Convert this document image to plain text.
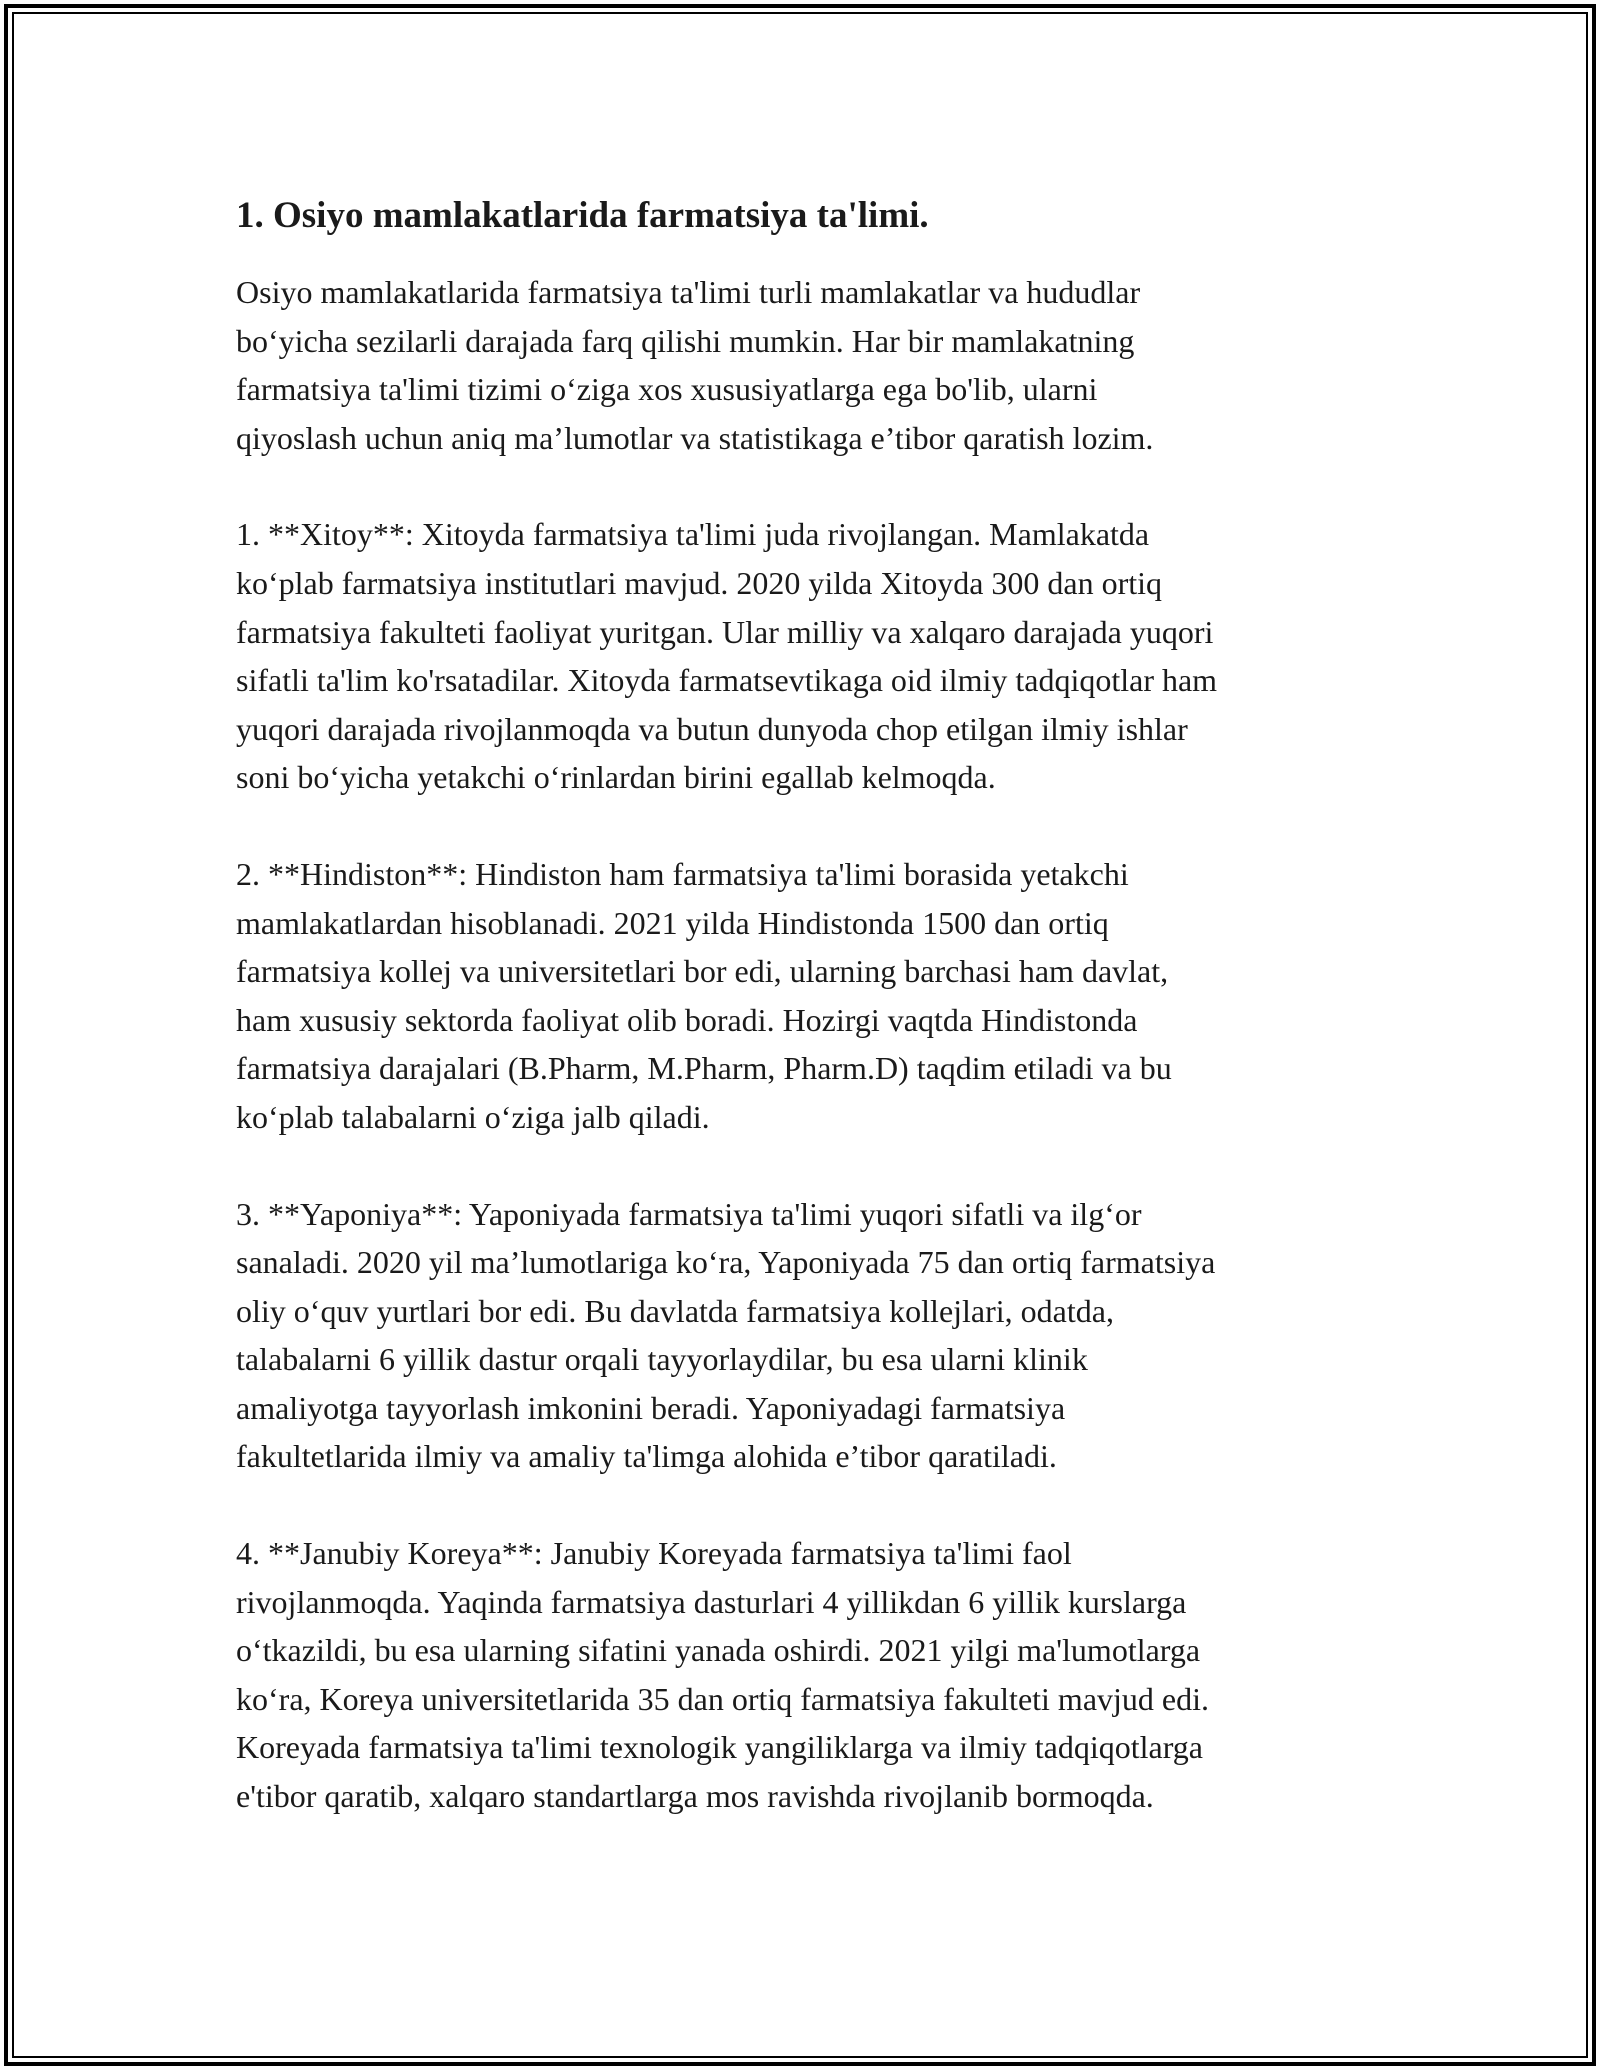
1. Osiyo mamlakatlarida farmatsiya ta'limi.

Osiyo mamlakatlarida farmatsiya ta'limi turli mamlakatlar va hududlar
bo‘yicha sezilarli darajada farq qilishi mumkin. Har bir mamlakatning
farmatsiya ta'limi tizimi o‘ziga xos xususiyatlarga ega bo'lib, ularni
qiyoslash uchun aniq ma’lumotlar va statistikaga e’tibor qaratish lozim.

1. **Xitoy**: Xitoyda farmatsiya ta'limi juda rivojlangan. Mamlakatda
ko‘plab farmatsiya institutlari mavjud. 2020 yilda Xitoyda 300 dan ortiq
farmatsiya fakulteti faoliyat yuritgan. Ular milliy va xalqaro darajada yuqori
sifatli ta'lim ko'rsatadilar. Xitoyda farmatsevtikaga oid ilmiy tadqiqotlar ham
yuqori darajada rivojlanmoqda va butun dunyoda chop etilgan ilmiy ishlar
soni bo‘yicha yetakchi o‘rinlardan birini egallab kelmoqda.

2. **Hindiston**: Hindiston ham farmatsiya ta'limi borasida yetakchi
mamlakatlardan hisoblanadi. 2021 yilda Hindistonda 1500 dan ortiq
farmatsiya kollej va universitetlari bor edi, ularning barchasi ham davlat,
ham xususiy sektorda faoliyat olib boradi. Hozirgi vaqtda Hindistonda
farmatsiya darajalari (B.Pharm, M.Pharm, Pharm.D) taqdim etiladi va bu
ko‘plab talabalarni o‘ziga jalb qiladi.

3. **Yaponiya**: Yaponiyada farmatsiya ta'limi yuqori sifatli va ilg‘or
sanaladi. 2020 yil ma’lumotlariga ko‘ra, Yaponiyada 75 dan ortiq farmatsiya
oliy o‘quv yurtlari bor edi. Bu davlatda farmatsiya kollejlari, odatda,
talabalarni 6 yillik dastur orqali tayyorlaydilar, bu esa ularni klinik
amaliyotga tayyorlash imkonini beradi. Yaponiyadagi farmatsiya
fakultetlarida ilmiy va amaliy ta'limga alohida e’tibor qaratiladi.

4. **Janubiy Koreya**: Janubiy Koreyada farmatsiya ta'limi faol
rivojlanmoqda. Yaqinda farmatsiya dasturlari 4 yillikdan 6 yillik kurslarga
o‘tkazildi, bu esa ularning sifatini yanada oshirdi. 2021 yilgi ma'lumotlarga
ko‘ra, Koreya universitetlarida 35 dan ortiq farmatsiya fakulteti mavjud edi.
Koreyada farmatsiya ta'limi texnologik yangiliklarga va ilmiy tadqiqotlarga
e'tibor qaratib, xalqaro standartlarga mos ravishda rivojlanib bormoqda.
